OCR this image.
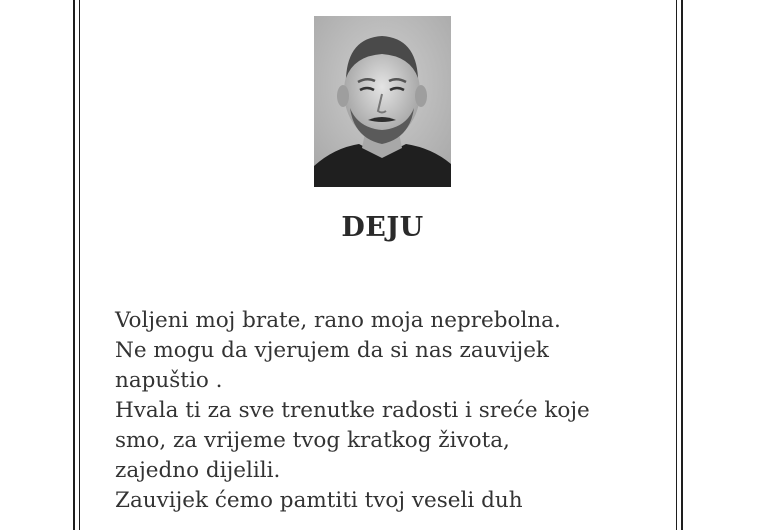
DEJU
Voljeni moj brate, rano moja neprebolna.
Ne mogu da vjerujem da si nas zauvijek
napuštio .
Hvala ti za sve trenutke radosti i sreće koje
smo, za vrijeme tvog kratkog života,
zajedno dijelili.
Zauvijek ćemo pamtiti tvoj veseli duh
